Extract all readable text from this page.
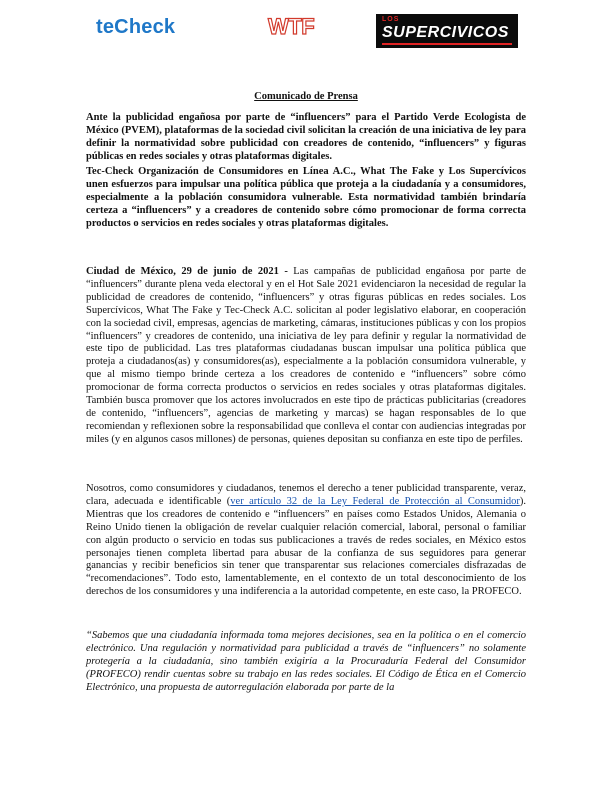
teCheck	WTF	LOS
SUPERCIVICOS
Comunicado de Prensa

Ante la publicidad engañosa por parte de “influencers” para el Partido Verde Ecologista de México (PVEM), plataformas de la sociedad civil solicitan la creación de una iniciativa de ley para definir la normatividad sobre publicidad con creadores de contenido, “influencers” y figuras públicas en redes sociales y otras plataformas digitales.

Tec-Check Organización de Consumidores en Línea A.C., What The Fake y Los Supercívicos unen esfuerzos para impulsar una política pública que proteja a la ciudadanía y a consumidores, especialmente a la población consumidora vulnerable. Esta normatividad también brindaría certeza a “influencers” y a creadores de contenido sobre cómo promocionar de forma correcta productos o servicios en redes sociales y otras plataformas digitales.

Ciudad de México, 29 de junio de 2021 - Las campañas de publicidad engañosa por parte de “influencers” durante plena veda electoral y en el Hot Sale 2021 evidenciaron la necesidad de regular la publicidad de creadores de contenido, “influencers” y otras figuras públicas en redes sociales. Los Supercívicos, What The Fake y Tec-Check A.C. solicitan al poder legislativo elaborar, en cooperación con la sociedad civil, empresas, agencias de marketing, cámaras, instituciones públicas y con los propios “influencers” y creadores de contenido, una iniciativa de ley para definir y regular la normatividad de este tipo de publicidad. Las tres plataformas ciudadanas buscan impulsar una política pública que proteja a ciudadanos(as) y consumidores(as), especialmente a la población consumidora vulnerable, y que al mismo tiempo brinde certeza a los creadores de contenido e “influencers” sobre cómo promocionar de forma correcta productos o servicios en redes sociales y otras plataformas digitales. También busca promover que los actores involucrados en este tipo de prácticas publicitarias (creadores de contenido, “influencers”, agencias de marketing y marcas) se hagan responsables de lo que recomiendan y reflexionen sobre la responsabilidad que conlleva el contar con audiencias integradas por miles (y en algunos casos millones) de personas, quienes depositan su confianza en este tipo de perfiles.

Nosotros, como consumidores y ciudadanos, tenemos el derecho a tener publicidad transparente, veraz, clara, adecuada e identificable (ver artículo 32 de la Ley Federal de Protección al Consumidor). Mientras que los creadores de contenido e “influencers” en países como Estados Unidos, Alemania o Reino Unido tienen la obligación de revelar cualquier relación comercial, laboral, personal o familiar con algún producto o servicio en todas sus publicaciones a través de redes sociales, en México estos personajes tienen completa libertad para abusar de la confianza de sus seguidores para generar ganancias y recibir beneficios sin tener que transparentar sus relaciones comerciales disfrazadas de “recomendaciones”. Todo esto, lamentablemente, en el contexto de un total desconocimiento de los derechos de los consumidores y una indiferencia a la autoridad competente, en este caso, la PROFECO.

“Sabemos que una ciudadanía informada toma mejores decisiones, sea en la política o en el comercio electrónico. Una regulación y normatividad para publicidad a través de “influencers” no solamente protegería a la ciudadanía, sino también exigiría a la Procuraduría Federal del Consumidor (PROFECO) rendir cuentas sobre su trabajo en las redes sociales. El Código de Ética en el Comercio Electrónico, una propuesta de autorregulación elaborada por parte de la
